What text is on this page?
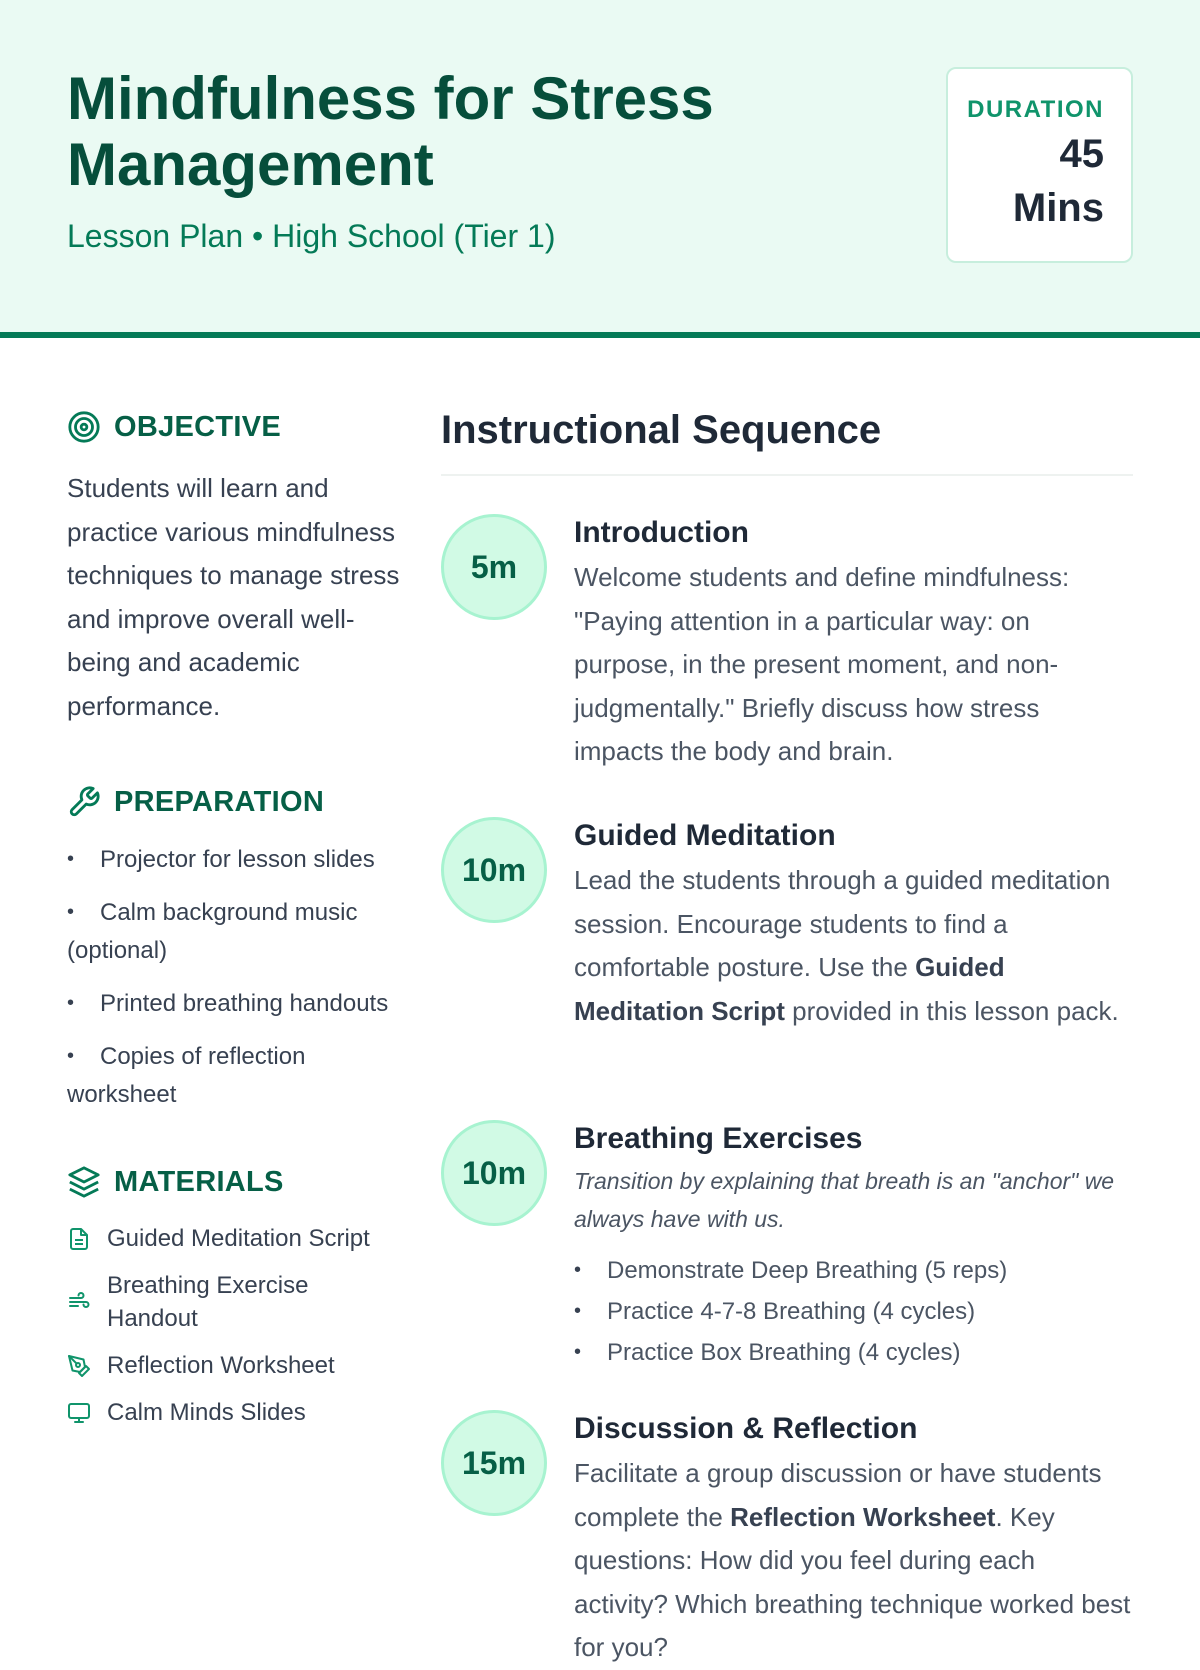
Mindfulness for Stress Management
Lesson Plan • High School (Tier 1)
DURATION
45
Mins
OBJECTIVE

Students will learn and practice various mindfulness techniques to manage stress and improve overall well-being and academic performance.

PREPARATION
• Projector for lesson slides
• Calm background music (optional)
• Printed breathing handouts
• Copies of reflection worksheet
MATERIALS
Guided Meditation Script
Breathing Exercise Handout
Reflection Worksheet
Calm Minds Slides
Instructional Sequence
5m
Introduction

Welcome students and define mindfulness: "Paying attention in a particular way: on purpose, in the present moment, and non-judgmentally." Briefly discuss how stress impacts the body and brain.

10m
Guided Meditation

Lead the students through a guided meditation session. Encourage students to find a comfortable posture. Use the Guided Meditation Script provided in this lesson pack.

10m
Breathing Exercises

Transition by explaining that breath is an "anchor" we always have with us.

• Demonstrate Deep Breathing (5 reps)
• Practice 4-7-8 Breathing (4 cycles)
• Practice Box Breathing (4 cycles)
15m
Discussion & Reflection

Facilitate a group discussion or have students complete the Reflection Worksheet. Key questions: How did you feel during each activity? Which breathing technique worked best for you?
